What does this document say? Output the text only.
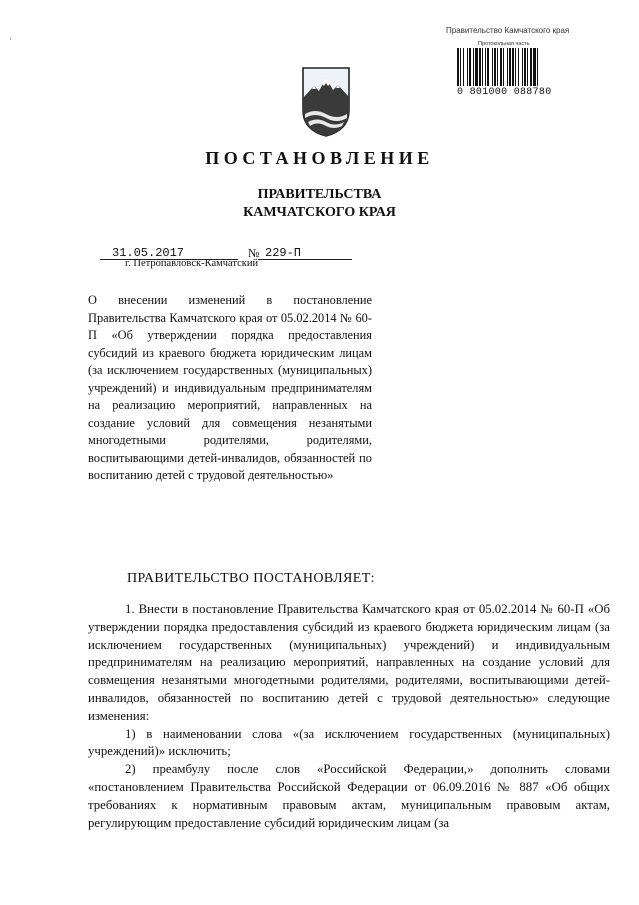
Правительство Камчатского края
Протокольная часть
0 801000 088780
ПОСТАНОВЛЕНИЕ
ПРАВИТЕЛЬСТВА
КАМЧАТСКОГО КРАЯ
31.05.2017	№ 229-П
г. Петропавловск-Камчатский
О внесении изменений в постановление Правительства Камчатского края от 05.02.2014 № 60-П «Об утверждении порядка предоставления субсидий из краевого бюджета юридическим лицам (за исключением государственных (муниципальных) учреждений) и индивидуальным предпринимателям на реализацию мероприятий, направленных на создание условий для совмещения незанятыми многодетными родителями, родителями, воспитывающими детей-инвалидов, обязанностей по воспитанию детей с трудовой деятельностью»
ПРАВИТЕЛЬСТВО ПОСТАНОВЛЯЕТ:

1. Внести в постановление Правительства Камчатского края от 05.02.2014 № 60-П «Об утверждении порядка предоставления субсидий из краевого бюджета юридическим лицам (за исключением государственных (муниципальных) учреждений) и индивидуальным предпринимателям на реализацию мероприятий, направленных на создание условий для совмещения незанятыми многодетными родителями, родителями, воспитывающими детей-инвалидов, обязанностей по воспитанию детей с трудовой деятельностью» следующие изменения:

1) в наименовании слова «(за исключением государственных (муниципальных) учреждений)» исключить;

2) преамбулу после слов «Российской Федерации,» дополнить словами «постановлением Правительства Российской Федерации от 06.09.2016 № 887 «Об общих требованиях к нормативным правовым актам, муниципальным правовым актам, регулирующим предоставление субсидий юридическим лицам (за
